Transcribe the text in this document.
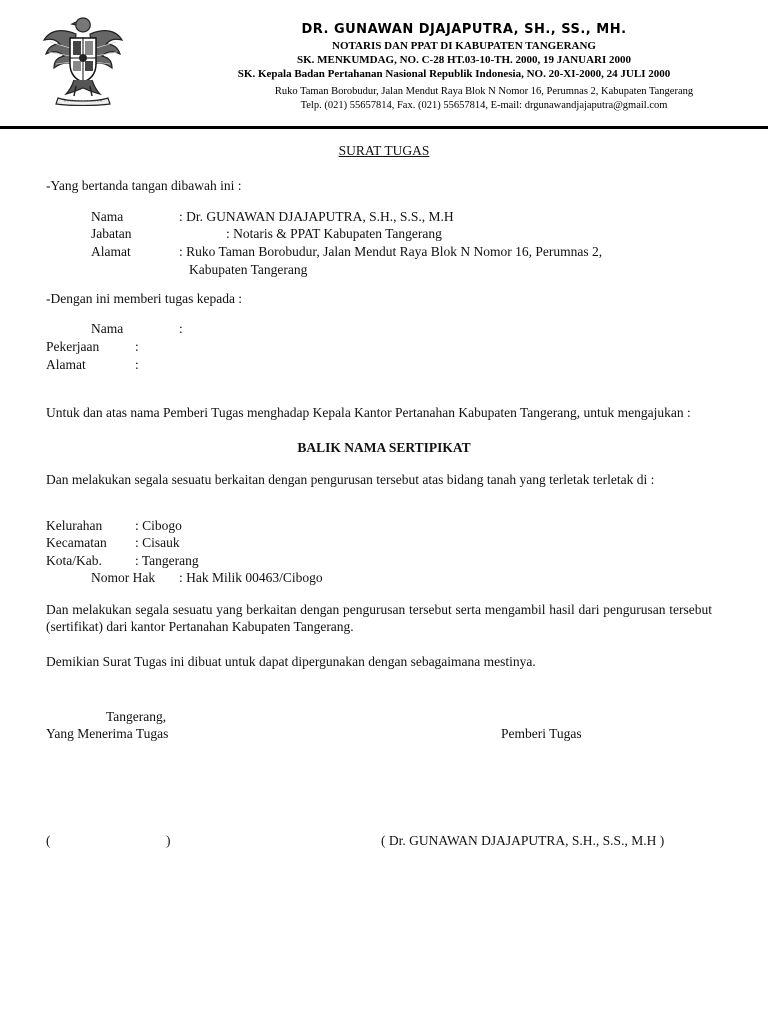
DR. GUNAWAN DJAJAPUTRA, SH., SS., MH.
NOTARIS DAN PPAT DI KABUPATEN TANGERANG
SK. MENKUMDAG, NO. C-28 HT.03-10-TH. 2000, 19 JANUARI 2000
SK. Kepala Badan Pertahanan Nasional Republik Indonesia, NO. 20-XI-2000, 24 JULI 2000
Ruko Taman Borobudur, Jalan Mendut Raya Blok N Nomor 16, Perumnas 2, Kabupaten Tangerang
Telp. (021) 55657814, Fax. (021) 55657814, E-mail: drgunawandjajaputra@gmail.com
SURAT TUGAS
-Yang bertanda tangan dibawah ini :
Nama	: Dr. GUNAWAN DJAJAPUTRA, S.H., S.S., M.H
Jabatan	: Notaris & PPAT Kabupaten Tangerang
Alamat	: Ruko Taman Borobudur, Jalan Mendut Raya Blok N Nomor 16, Perumnas 2,
Kabupaten Tangerang
-Dengan ini memberi tugas kepada :
Nama	:
Pekerjaan	:
Alamat	:
Untuk dan atas nama Pemberi Tugas menghadap Kepala Kantor Pertanahan Kabupaten Tangerang, untuk mengajukan :
BALIK NAMA SERTIPIKAT
Dan melakukan segala sesuatu berkaitan dengan pengurusan tersebut atas bidang tanah yang terletak terletak di :
Kelurahan : Cibogo
Kecamatan : Cisauk
Kota/Kab. : Tangerang
Nomor Hak : Hak Milik 00463/Cibogo
Dan melakukan segala sesuatu yang berkaitan dengan pengurusan tersebut serta mengambil hasil dari pengurusan tersebut (sertifikat) dari kantor Pertanahan Kabupaten Tangerang.
Demikian Surat Tugas ini dibuat untuk dapat dipergunakan dengan sebagaimana mestinya.
Tangerang,
Yang Menerima Tugas	Pemberi Tugas
(	)	( Dr. GUNAWAN DJAJAPUTRA, S.H., S.S., M.H )
